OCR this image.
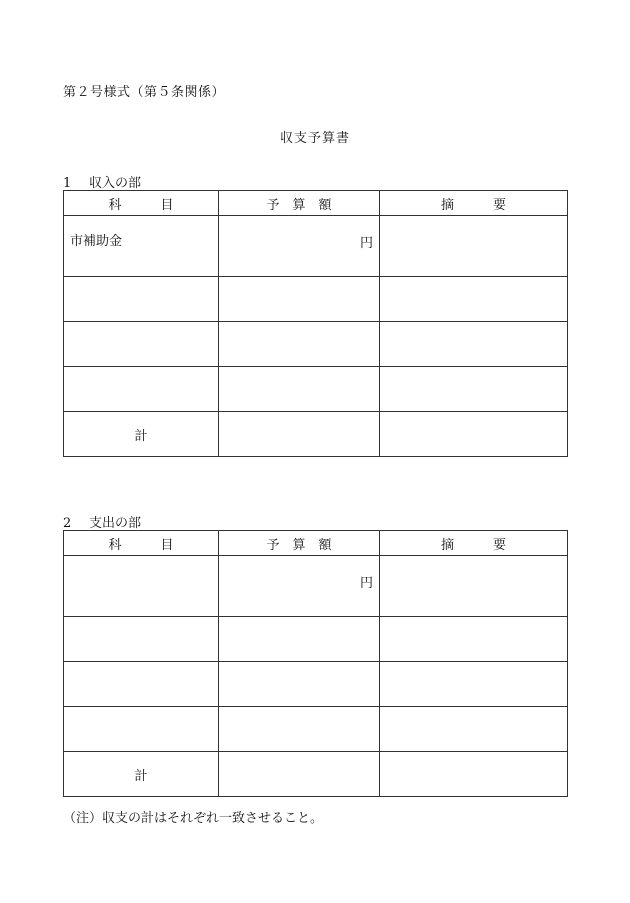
第２号様式（第５条関係）
収支予算書
1 収入の部
科　　　目	予　算　額	摘　　　要
市補助金	円	

計		
2 支出の部
科　　　目	予　算　額	摘　　　要
	円	

計		
（注）収支の計はそれぞれ一致させること。
